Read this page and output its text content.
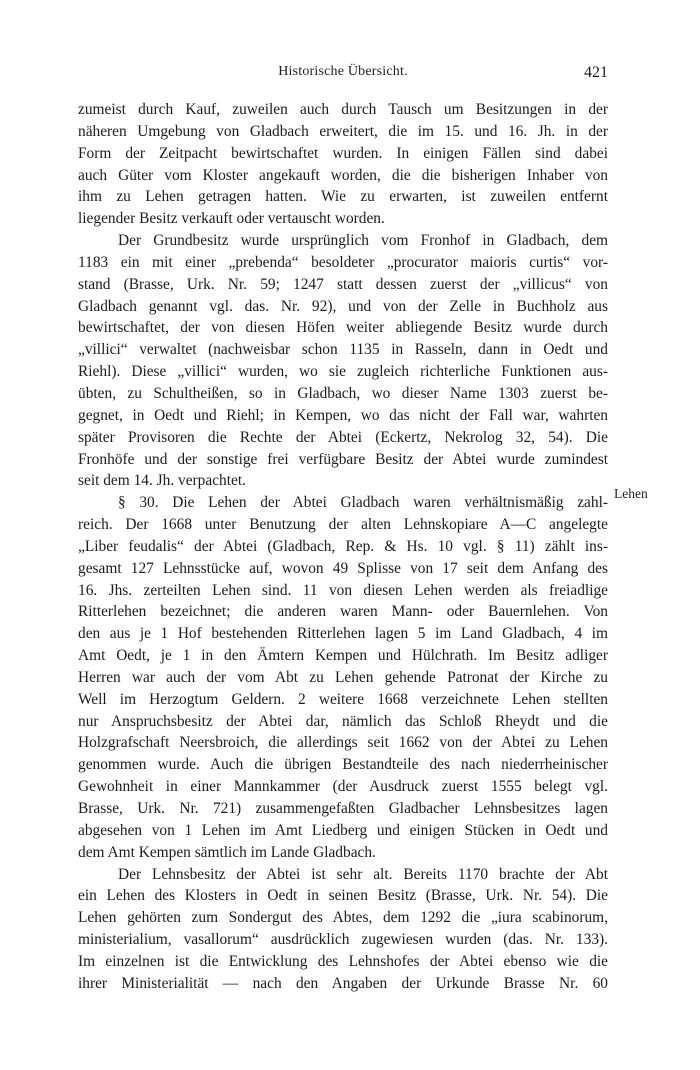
Historische Übersicht.	421
Lehen

zumeist durch Kauf, zuweilen auch durch Tausch um Besitzungen in der
näheren Umgebung von Gladbach erweitert, die im 15. und 16. Jh. in der
Form der Zeitpacht bewirtschaftet wurden. In einigen Fällen sind dabei
auch Güter vom Kloster angekauft worden, die die bisherigen Inhaber von
ihm zu Lehen getragen hatten. Wie zu erwarten, ist zuweilen entfernt
liegender Besitz verkauft oder vertauscht worden.

Der Grundbesitz wurde ursprünglich vom Fronhof in Gladbach, dem
1183 ein mit einer „prebenda“ besoldeter „procurator maioris curtis“ vor-
stand (Brasse, Urk. Nr. 59; 1247 statt dessen zuerst der „villicus“ von
Gladbach genannt vgl. das. Nr. 92), und von der Zelle in Buchholz aus
bewirtschaftet, der von diesen Höfen weiter abliegende Besitz wurde durch
„villici“ verwaltet (nachweisbar schon 1135 in Rasseln, dann in Oedt und
Riehl). Diese „villici“ wurden, wo sie zugleich richterliche Funktionen aus-
übten, zu Schultheißen, so in Gladbach, wo dieser Name 1303 zuerst be-
gegnet, in Oedt und Riehl; in Kempen, wo das nicht der Fall war, wahrten
später Provisoren die Rechte der Abtei (Eckertz, Nekrolog 32, 54). Die
Fronhöfe und der sonstige frei verfügbare Besitz der Abtei wurde zumindest
seit dem 14. Jh. verpachtet.

§ 30. Die Lehen der Abtei Gladbach waren verhältnismäßig zahl-
reich. Der 1668 unter Benutzung der alten Lehnskopiare A—C angelegte
„Liber feudalis“ der Abtei (Gladbach, Rep. & Hs. 10 vgl. § 11) zählt ins-
gesamt 127 Lehnsstücke auf, wovon 49 Splisse von 17 seit dem Anfang des
16. Jhs. zerteilten Lehen sind. 11 von diesen Lehen werden als freiadlige
Ritterlehen bezeichnet; die anderen waren Mann- oder Bauernlehen. Von
den aus je 1 Hof bestehenden Ritterlehen lagen 5 im Land Gladbach, 4 im
Amt Oedt, je 1 in den Ämtern Kempen und Hülchrath. Im Besitz adliger
Herren war auch der vom Abt zu Lehen gehende Patronat der Kirche zu
Well im Herzogtum Geldern. 2 weitere 1668 verzeichnete Lehen stellten
nur Anspruchsbesitz der Abtei dar, nämlich das Schloß Rheydt und die
Holzgrafschaft Neersbroich, die allerdings seit 1662 von der Abtei zu Lehen
genommen wurde. Auch die übrigen Bestandteile des nach niederrheinischer
Gewohnheit in einer Mannkammer (der Ausdruck zuerst 1555 belegt vgl.
Brasse, Urk. Nr. 721) zusammengefaßten Gladbacher Lehnsbesitzes lagen
abgesehen von 1 Lehen im Amt Liedberg und einigen Stücken in Oedt und
dem Amt Kempen sämtlich im Lande Gladbach.

Der Lehnsbesitz der Abtei ist sehr alt. Bereits 1170 brachte der Abt
ein Lehen des Klosters in Oedt in seinen Besitz (Brasse, Urk. Nr. 54). Die
Lehen gehörten zum Sondergut des Abtes, dem 1292 die „iura scabinorum,
ministerialium, vasallorum“ ausdrücklich zugewiesen wurden (das. Nr. 133).
Im einzelnen ist die Entwicklung des Lehnshofes der Abtei ebenso wie die
ihrer Ministerialität — nach den Angaben der Urkunde Brasse Nr. 60
